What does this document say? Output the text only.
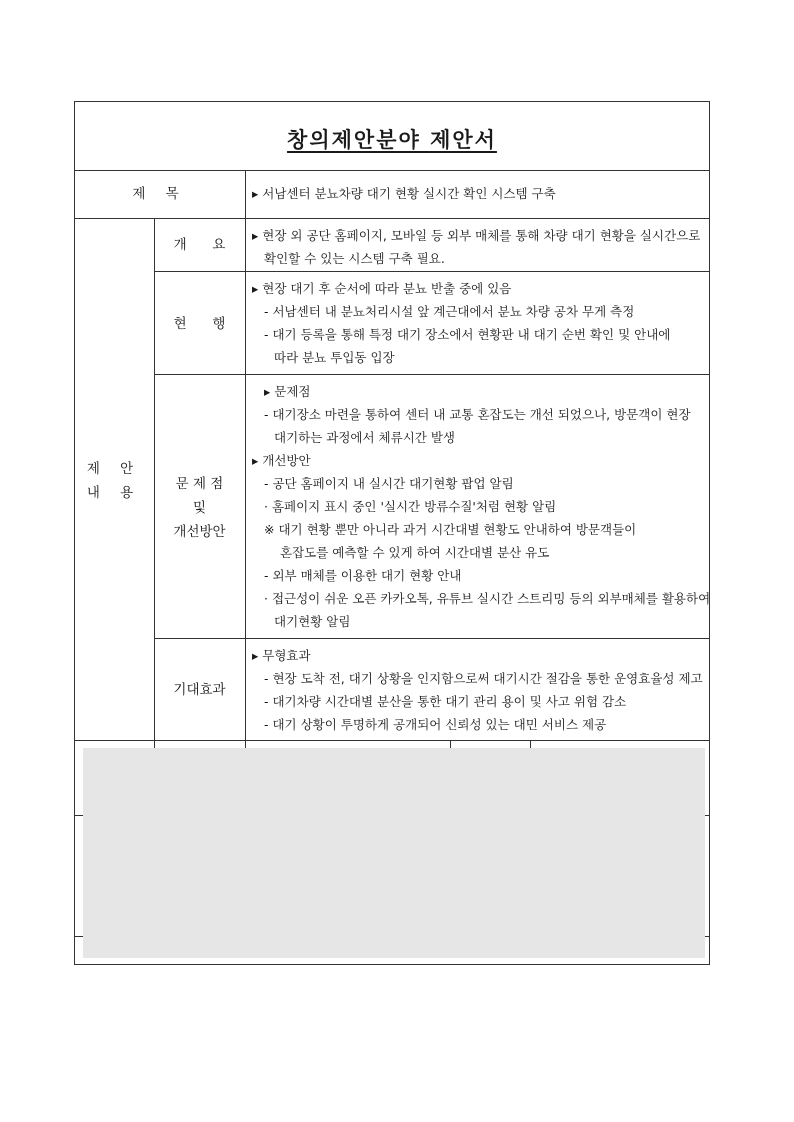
창의제안분야 제안서
제 목	▸ 서남센터 분뇨차량 대기 현황 실시간 확인 시스템 구축
제 안
내 용
개      요
▸ 현장 외 공단 홈페이지, 모바일 등 외부 매체를 통해 차량 대기 현황을 실시간으로
확인할 수 있는 시스템 구축 필요.
현      행
▸ 현장 대기 후 순서에 따라 분뇨 반출 중에 있음
- 서남센터 내 분뇨처리시설 앞 계근대에서 분뇨 차량 공차 무게 측정
- 대기 등록을 통해 특정 대기 장소에서 현황판 내 대기 순번 확인 및 안내에
따라 분뇨 투입동 입장
문 제 점
및
개선방안
▸ 문제점
- 대기장소 마련을 통하여 센터 내 교통 혼잡도는 개선 되었으나, 방문객이 현장
대기하는 과정에서 체류시간 발생
▸ 개선방안
- 공단 홈페이지 내 실시간 대기현황 팝업 알림
· 홈페이지 표시 중인 '실시간 방류수질'처럼 현황 알림
※ 대기 현황 뿐만 아니라 과거 시간대별 현황도 안내하여 방문객들이
혼잡도를 예측할 수 있게 하여 시간대별 분산 유도
- 외부 매체를 이용한 대기 현황 안내
· 접근성이 쉬운 오픈 카카오톡, 유튜브 실시간 스트리밍 등의 외부매체를 활용하여
대기현황 알림
기대효과
▸ 무형효과
- 현장 도착 전, 대기 상황을 인지함으로써 대기시간 절감을 통한 운영효율성 제고
- 대기차량 시간대별 분산을 통한 대기 관리 용이 및 사고 위험 감소
- 대기 상황이 투명하게 공개되어 신뢰성 있는 대민 서비스 제공
